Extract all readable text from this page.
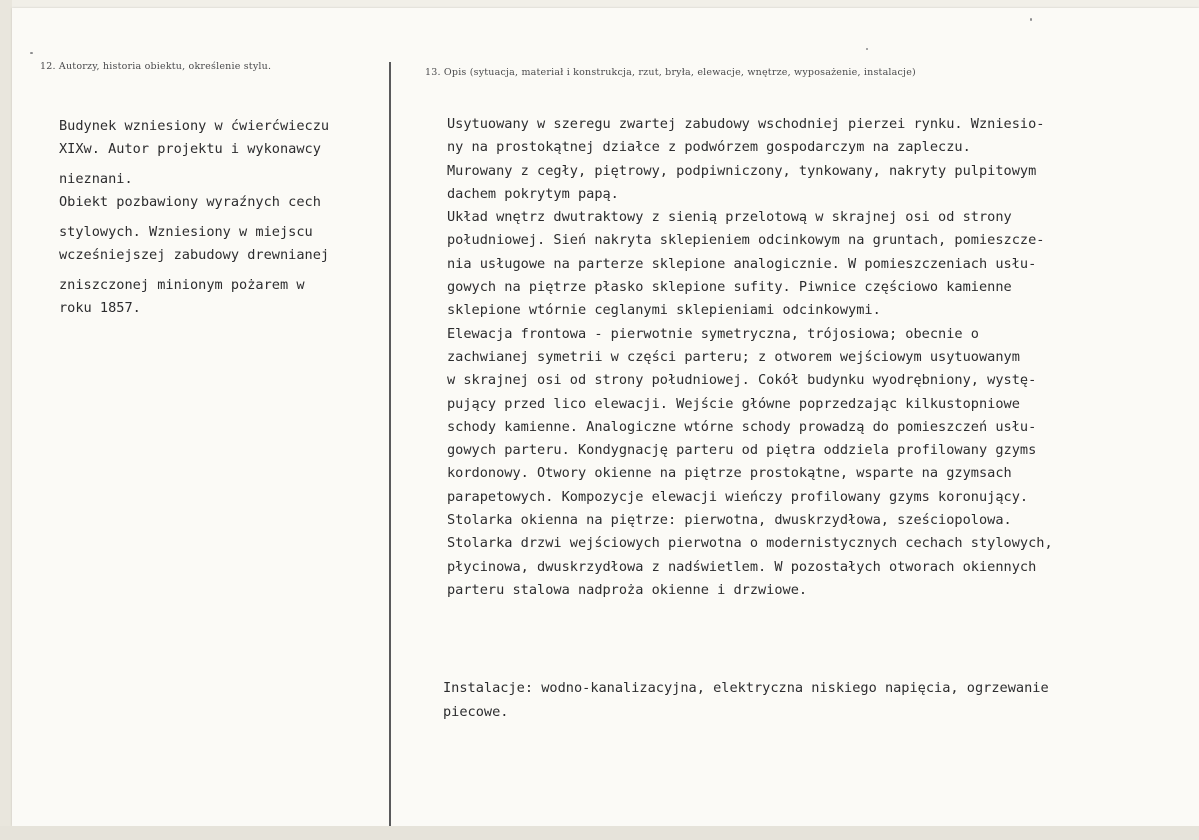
12. Autorzy, historia obiektu, określenie stylu.
13. Opis (sytuacja, materiał i konstrukcja, rzut, bryła, elewacje, wnętrze, wyposażenie, instalacje)
Budynek wzniesiony w ćwierćwieczu
XIXw. Autor projektu i wykonawcy
nieznani.
Obiekt pozbawiony wyraźnych cech
stylowych. Wzniesiony w miejscu
wcześniejszej zabudowy drewnianej
zniszczonej minionym pożarem w
roku 1857.
Usytuowany w szeregu zwartej zabudowy wschodniej pierzei rynku. Wzniesio-
ny na prostokątnej działce z podwórzem gospodarczym na zapleczu.
Murowany z cegły, piętrowy, podpiwniczony, tynkowany, nakryty pulpitowym
dachem pokrytym papą.
Układ wnętrz dwutraktowy z sienią przelotową w skrajnej osi od strony
południowej. Sień nakryta sklepieniem odcinkowym na gruntach, pomieszcze-
nia usługowe na parterze sklepione analogicznie. W pomieszczeniach usłu-
gowych na piętrze płasko sklepione sufity. Piwnice częściowo kamienne
sklepione wtórnie ceglanymi sklepieniami odcinkowymi.
Elewacja frontowa - pierwotnie symetryczna, trójosiowa; obecnie o
zachwianej symetrii w części parteru; z otworem wejściowym usytuowanym
w skrajnej osi od strony południowej. Cokół budynku wyodrębniony, wystę-
pujący przed lico elewacji. Wejście główne poprzedzając kilkustopniowe
schody kamienne. Analogiczne wtórne schody prowadzą do pomieszczeń usłu-
gowych parteru. Kondygnację parteru od piętra oddziela profilowany gzyms
kordonowy. Otwory okienne na piętrze prostokątne, wsparte na gzymsach
parapetowych. Kompozycje elewacji wieńczy profilowany gzyms koronujący.
Stolarka okienna na piętrze: pierwotna, dwuskrzydłowa, sześciopolowa.
Stolarka drzwi wejściowych pierwotna o modernistycznych cechach stylowych,
płycinowa, dwuskrzydłowa z nadświetlem. W pozostałych otworach okiennych
parteru stalowa nadproża okienne i drzwiowe.
Instalacje: wodno-kanalizacyjna, elektryczna niskiego napięcia, ogrzewanie
piecowe.
